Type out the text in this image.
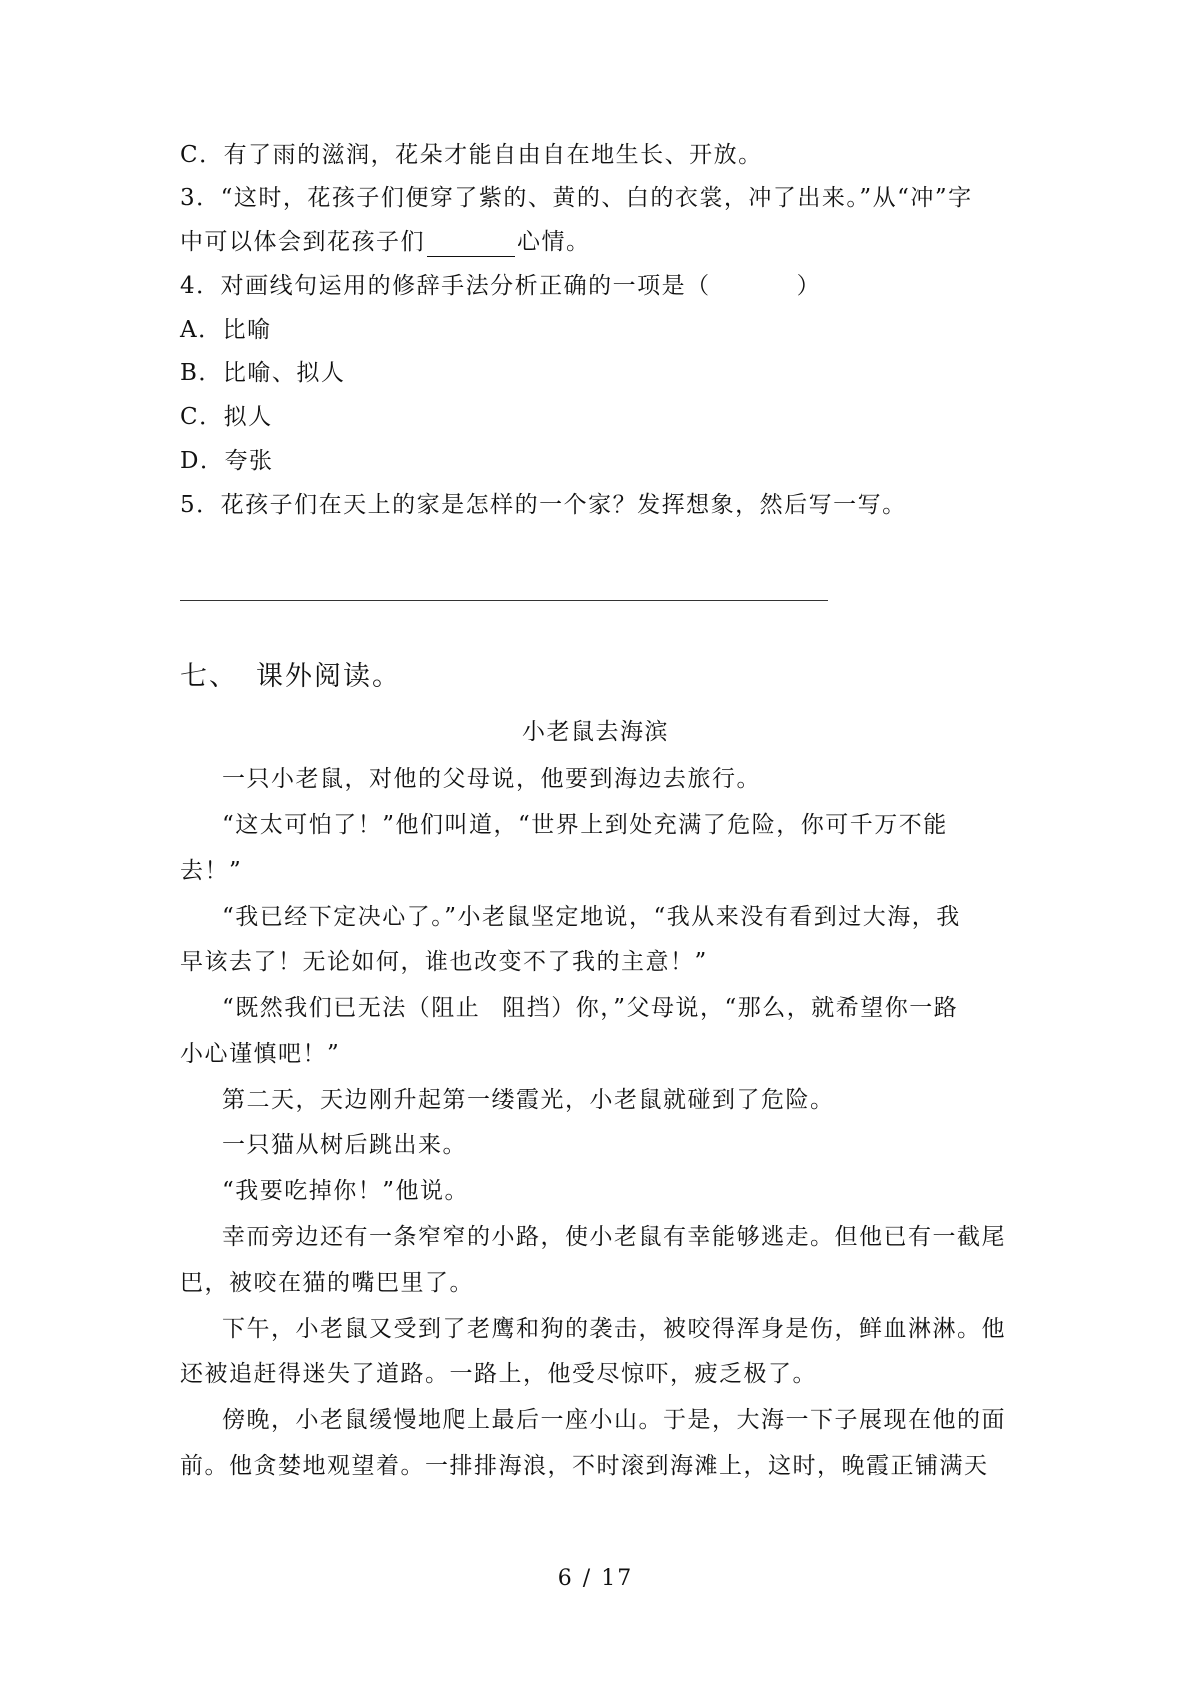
C．有了雨的滋润，花朵才能自由自在地生长、开放。
3．“这时，花孩子们便穿了紫的、黄的、白的衣裳，冲了出来。”从“冲”字
中可以体会到花孩子们	心情。
4．对画线句运用的修辞手法分析正确的一项是（	）
A．比喻
B．比喻、拟人
C．拟人
D．夸张
5．花孩子们在天上的家是怎样的一个家？发挥想象，然后写一写。
七、 课外阅读。
小老鼠去海滨
一只小老鼠，对他的父母说，他要到海边去旅行。
“这太可怕了！”他们叫道，“世界上到处充满了危险，你可千万不能
去！”
“我已经下定决心了。”小老鼠坚定地说，“我从来没有看到过大海，我
早该去了！无论如何，谁也改变不了我的主意！”
“既然我们已无法（阻止 阻挡）你，”父母说，“那么，就希望你一路
小心谨慎吧！”
第二天，天边刚升起第一缕霞光，小老鼠就碰到了危险。
一只猫从树后跳出来。
“我要吃掉你！”他说。
幸而旁边还有一条窄窄的小路，使小老鼠有幸能够逃走。但他已有一截尾
巴，被咬在猫的嘴巴里了。
下午，小老鼠又受到了老鹰和狗的袭击，被咬得浑身是伤，鲜血淋淋。他
还被追赶得迷失了道路。一路上，他受尽惊吓，疲乏极了。
傍晚，小老鼠缓慢地爬上最后一座小山。于是，大海一下子展现在他的面
前。他贪婪地观望着。一排排海浪，不时滚到海滩上，这时，晚霞正铺满天
6 / 17
